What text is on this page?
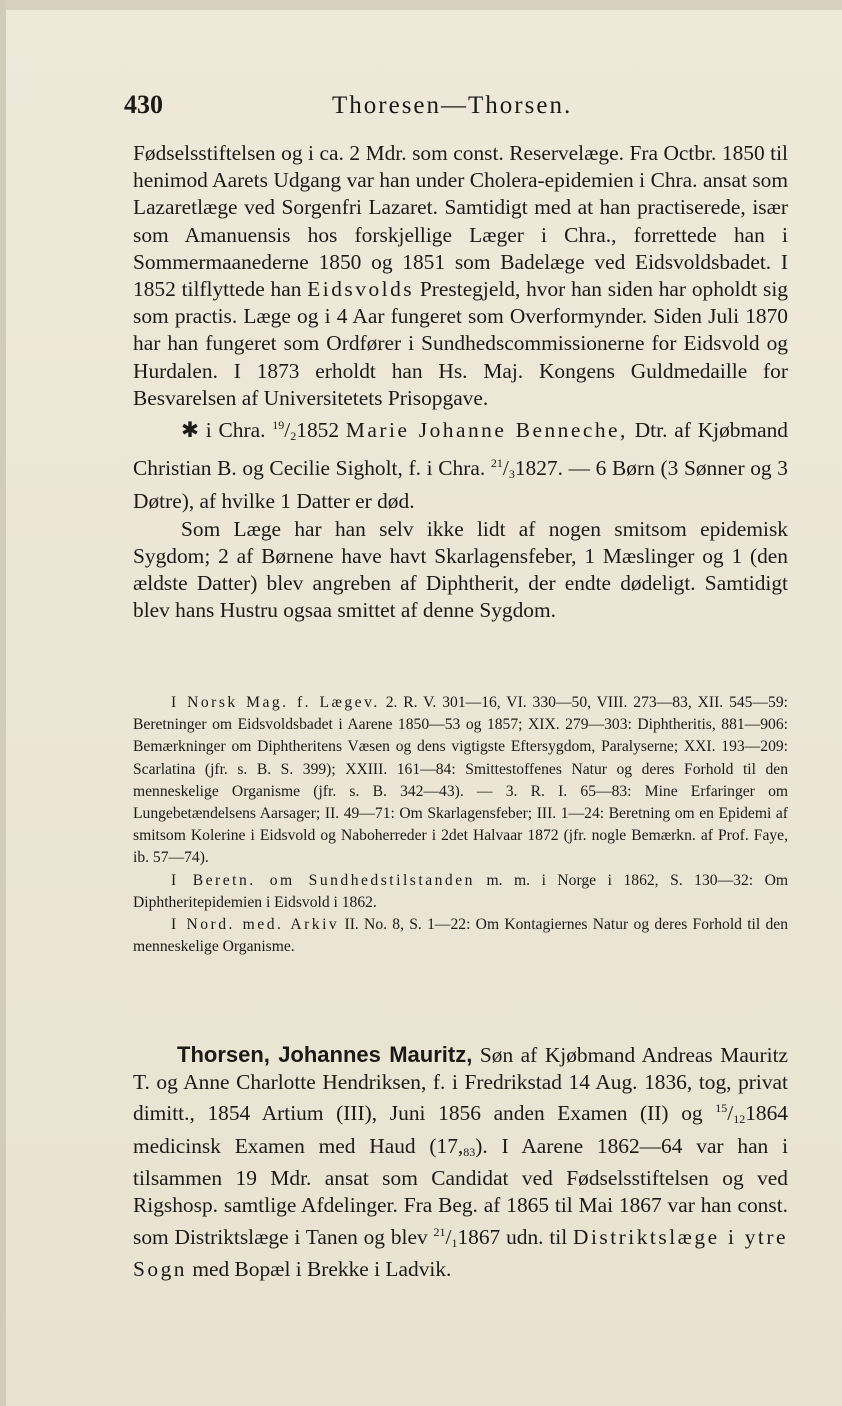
430	Thoresen—Thorsen.

Fødselsstiftelsen og i ca. 2 Mdr. som const. Reservelæge. Fra Octbr. 1850 til henimod Aarets Udgang var han under Cholera-epidemien i Chra. ansat som Lazaretlæge ved Sorgenfri Lazaret. Samtidigt med at han practiserede, især som Amanuensis hos forskjellige Læger i Chra., forrettede han i Sommermaanederne 1850 og 1851 som Badelæge ved Eidsvoldsbadet. I 1852 tilflyttede han Eidsvolds Prestegjeld, hvor han siden har opholdt sig som practis. Læge og i 4 Aar fungeret som Overformynder. Siden Juli 1870 har han fungeret som Ordfører i Sundhedscommissionerne for Eidsvold og Hurdalen. I 1873 erholdt han Hs. Maj. Kongens Guldmedaille for Besvarelsen af Universitetets Prisopgave.

✱ i Chra. $^{19}/_21852$ Marie Johanne Benneche, Dtr. af Kjøbmand Christian B. og Cecilie Sigholt, f. i Chra. $^{21}/_31827$. — 6 Børn (3 Sønner og 3 Døtre), af hvilke 1 Datter er død.

Som Læge har han selv ikke lidt af nogen smitsom epidemisk Sygdom; 2 af Børnene have havt Skarlagensfeber, 1 Mæslinger og 1 (den ældste Datter) blev angreben af Diphtherit, der endte dødeligt. Samtidigt blev hans Hustru ogsaa smittet af denne Sygdom.

I Norsk Mag. f. Lægev. 2. R. V. 301—16, VI. 330—50, VIII. 273—83, XII. 545—59: Beretninger om Eidsvoldsbadet i Aarene 1850—53 og 1857; XIX. 279—303: Diphtheritis, 881—906: Bemærkninger om Diphtheritens Væsen og dens vigtigste Eftersygdom, Paralyserne; XXI. 193—209: Scarlatina (jfr. s. B. S. 399); XXIII. 161—84: Smittestoffenes Natur og deres Forhold til den menneskelige Organisme (jfr. s. B. 342—43). — 3. R. I. 65—83: Mine Erfaringer om Lungebetændelsens Aarsager; II. 49—71: Om Skarlagensfeber; III. 1—24: Beretning om en Epidemi af smitsom Kolerine i Eidsvold og Naboherreder i 2det Halvaar 1872 (jfr. nogle Bemærkn. af Prof. Faye, ib. 57—74).

I Beretn. om Sundhedstilstanden m. m. i Norge i 1862, S. 130—32: Om Diphtheritepidemien i Eidsvold i 1862.

I Nord. med. Arkiv II. No. 8, S. 1—22: Om Kontagiernes Natur og deres Forhold til den menneskelige Organisme.

Thorsen, Johannes Mauritz, Søn af Kjøbmand Andreas Mauritz T. og Anne Charlotte Hendriksen, f. i Fredrikstad 14 Aug. 1836, tog, privat dimitt., 1854 Artium (III), Juni 1856 anden Examen (II) og $^{15}/_{12}1864$ medicinsk Examen med Haud $(17,_{83})$. I Aarene 1862—64 var han i tilsammen 19 Mdr. ansat som Candidat ved Fødselsstiftelsen og ved Rigshosp. samtlige Afdelinger. Fra Beg. af 1865 til Mai 1867 var han const. som Distriktslæge i Tanen og blev $^{21}/_11867$ udn. til Distriktslæge i ytre Sogn med Bopæl i Brekke i Ladvik.
